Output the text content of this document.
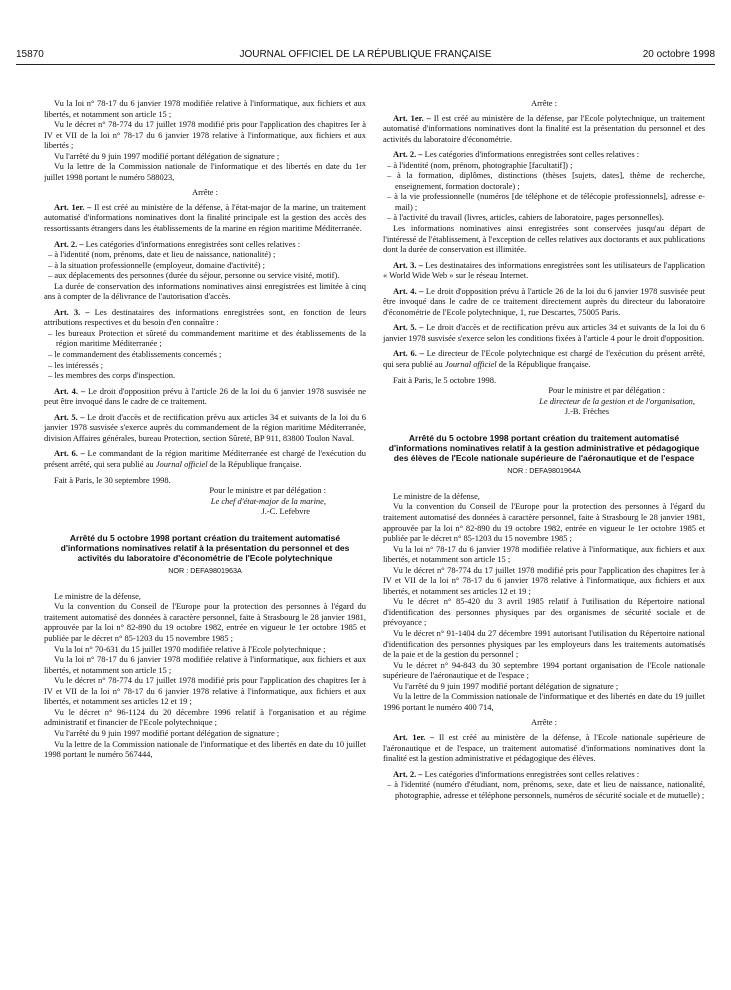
15870	JOURNAL OFFICIEL DE LA RÉPUBLIQUE FRANÇAISE	20 octobre 1998

Vu la loi n° 78-17 du 6 janvier 1978 modifiée relative à l'informatique, aux fichiers et aux libertés, et notamment son article 15 ;

Vu le décret n° 78-774 du 17 juillet 1978 modifié pris pour l'application des chapitres Ier à IV et VII de la loi n° 78-17 du 6 janvier 1978 relative à l'informatique, aux fichiers et aux libertés ;

Vu l'arrêté du 9 juin 1997 modifié portant délégation de signature ;

Vu la lettre de la Commission nationale de l'informatique et des libertés en date du 1er juillet 1998 portant le numéro 588023,

Arrête :

Art. 1er. – Il est créé au ministère de la défense, à l'état-major de la marine, un traitement automatisé d'informations nominatives dont la finalité principale est la gestion des accès des ressortissants étrangers dans les établissements de la marine en région maritime Méditerranée.

Art. 2. – Les catégories d'informations enregistrées sont celles relatives :

– à l'identité (nom, prénoms, date et lieu de naissance, nationalité) ;
– à la situation professionnelle (employeur, domaine d'activité) ;
– aux déplacements des personnes (durée du séjour, personne ou service visité, motif).

La durée de conservation des informations nominatives ainsi enregistrées est limitée à cinq ans à compter de la délivrance de l'autorisation d'accès.

Art. 3. – Les destinataires des informations enregistrées sont, en fonction de leurs attributions respectives et du besoin d'en connaître :

– les bureaux Protection et sûreté du commandement maritime et des établissements de la région maritime Méditerranée ;
– le commandement des établissements concernés ;
– les intéressés ;
– les membres des corps d'inspection.

Art. 4. – Le droit d'opposition prévu à l'article 26 de la loi du 6 janvier 1978 susvisée ne peut être invoqué dans le cadre de ce traitement.

Art. 5. – Le droit d'accès et de rectification prévu aux articles 34 et suivants de la loi du 6 janvier 1978 susvisée s'exerce auprès du commandement de la région maritime Méditerranée, division Affaires générales, bureau Protection, section Sûreté, BP 911, 83800 Toulon Naval.

Art. 6. – Le commandant de la région maritime Méditerranée est chargé de l'exécution du présent arrêté, qui sera publié au Journal officiel de la République française.

Fait à Paris, le 30 septembre 1998.

Pour le ministre et par délégation :
Le chef d'état-major de la marine,
J.-C. Lefebvre
Arrêté du 5 octobre 1998 portant création du traitement automatisé d'informations nominatives relatif à la présentation du personnel et des activités du laboratoire d'économétrie de l'Ecole polytechnique
NOR : DEFA9801963A

Le ministre de la défense,

Vu la convention du Conseil de l'Europe pour la protection des personnes à l'égard du traitement automatisé des données à caractère personnel, faite à Strasbourg le 28 janvier 1981, approuvée par la loi n° 82-890 du 19 octobre 1982, entrée en vigueur le 1er octobre 1985 et publiée par le décret n° 85-1203 du 15 novembre 1985 ;

Vu la loi n° 70-631 du 15 juillet 1970 modifiée relative à l'Ecole polytechnique ;

Vu la loi n° 78-17 du 6 janvier 1978 modifiée relative à l'informatique, aux fichiers et aux libertés, et notamment son article 15 ;

Vu le décret n° 78-774 du 17 juillet 1978 modifié pris pour l'application des chapitres Ier à IV et VII de la loi n° 78-17 du 6 janvier 1978 relative à l'informatique, aux fichiers et aux libertés, et notamment ses articles 12 et 19 ;

Vu le décret n° 96-1124 du 20 décembre 1996 relatif à l'organisation et au régime administratif et financier de l'Ecole polytechnique ;

Vu l'arrêté du 9 juin 1997 modifié portant délégation de signature ;

Vu la lettre de la Commission nationale de l'informatique et des libertés en date du 10 juillet 1998 portant le numéro 567444,

Arrête :

Art. 1er. – Il est créé au ministère de la défense, par l'Ecole polytechnique, un traitement automatisé d'informations nominatives dont la finalité est la présentation du personnel et des activités du laboratoire d'économétrie.

Art. 2. – Les catégories d'informations enregistrées sont celles relatives :

– à l'identité (nom, prénom, photographie [facultatif]) ;
– à la formation, diplômes, distinctions (thèses [sujets, dates], thème de recherche, enseignement, formation doctorale) ;
– à la vie professionnelle (numéros [de téléphone et de télécopie professionnels], adresse e-mail) ;
– à l'activité du travail (livres, articles, cahiers de laboratoire, pages personnelles).

Les informations nominatives ainsi enregistrées sont conservées jusqu'au départ de l'intéressé de l'établissement, à l'exception de celles relatives aux doctorants et aux publications dont la durée de conservation est illimitée.

Art. 3. – Les destinataires des informations enregistrées sont les utilisateurs de l'application « World Wide Web » sur le réseau Internet.

Art. 4. – Le droit d'opposition prévu à l'article 26 de la loi du 6 janvier 1978 susvisée peut être invoqué dans le cadre de ce traitement directement auprès du directeur du laboratoire d'économétrie de l'Ecole polytechnique, 1, rue Descartes, 75005 Paris.

Art. 5. – Le droit d'accès et de rectification prévu aux articles 34 et suivants de la loi du 6 janvier 1978 susvisée s'exerce selon les conditions fixées à l'article 4 pour le droit d'opposition.

Art. 6. – Le directeur de l'Ecole polytechnique est chargé de l'exécution du présent arrêté, qui sera publié au Journal officiel de la République française.

Fait à Paris, le 5 octobre 1998.

Pour le ministre et par délégation :
Le directeur de la gestion et de l'organisation,
J.-B. Frèches
Arrêté du 5 octobre 1998 portant création du traitement automatisé d'informations nominatives relatif à la gestion administrative et pédagogique des élèves de l'Ecole nationale supérieure de l'aéronautique et de l'espace
NOR : DEFA9801964A

Le ministre de la défense,

Vu la convention du Conseil de l'Europe pour la protection des personnes à l'égard du traitement automatisé des données à caractère personnel, faite à Strasbourg le 28 janvier 1981, approuvée par la loi n° 82-890 du 19 octobre 1982, entrée en vigueur le 1er octobre 1985 et publiée par le décret n° 85-1203 du 15 novembre 1985 ;

Vu la loi n° 78-17 du 6 janvier 1978 modifiée relative à l'informatique, aux fichiers et aux libertés, et notamment son article 15 ;

Vu le décret n° 78-774 du 17 juillet 1978 modifié pris pour l'application des chapitres Ier à IV et VII de la loi n° 78-17 du 6 janvier 1978 relative à l'informatique, aux fichiers et aux libertés, et notamment ses articles 12 et 19 ;

Vu le décret n° 85-420 du 3 avril 1985 relatif à l'utilisation du Répertoire national d'identification des personnes physiques par des organismes de sécurité sociale et de prévoyance ;

Vu le décret n° 91-1404 du 27 décembre 1991 autorisant l'utilisation du Répertoire national d'identification des personnes physiques par les employeurs dans les traitements automatisés de la paie et de la gestion du personnel ;

Vu le décret n° 94-843 du 30 septembre 1994 portant organisation de l'Ecole nationale supérieure de l'aéronautique et de l'espace ;

Vu l'arrêté du 9 juin 1997 modifié portant délégation de signature ;

Vu la lettre de la Commission nationale de l'informatique et des libertés en date du 19 juillet 1996 portant le numéro 400 714,

Arrête :

Art. 1er. – Il est créé au ministère de la défense, à l'Ecole nationale supérieure de l'aéronautique et de l'espace, un traitement automatisé d'informations nominatives dont la finalité est la gestion administrative et pédagogique des élèves.

Art. 2. – Les catégories d'informations enregistrées sont celles relatives :

– à l'identité (numéro d'étudiant, nom, prénoms, sexe, date et lieu de naissance, nationalité, photographie, adresse et téléphone personnels, numéros de sécurité sociale et de mutuelle) ;
